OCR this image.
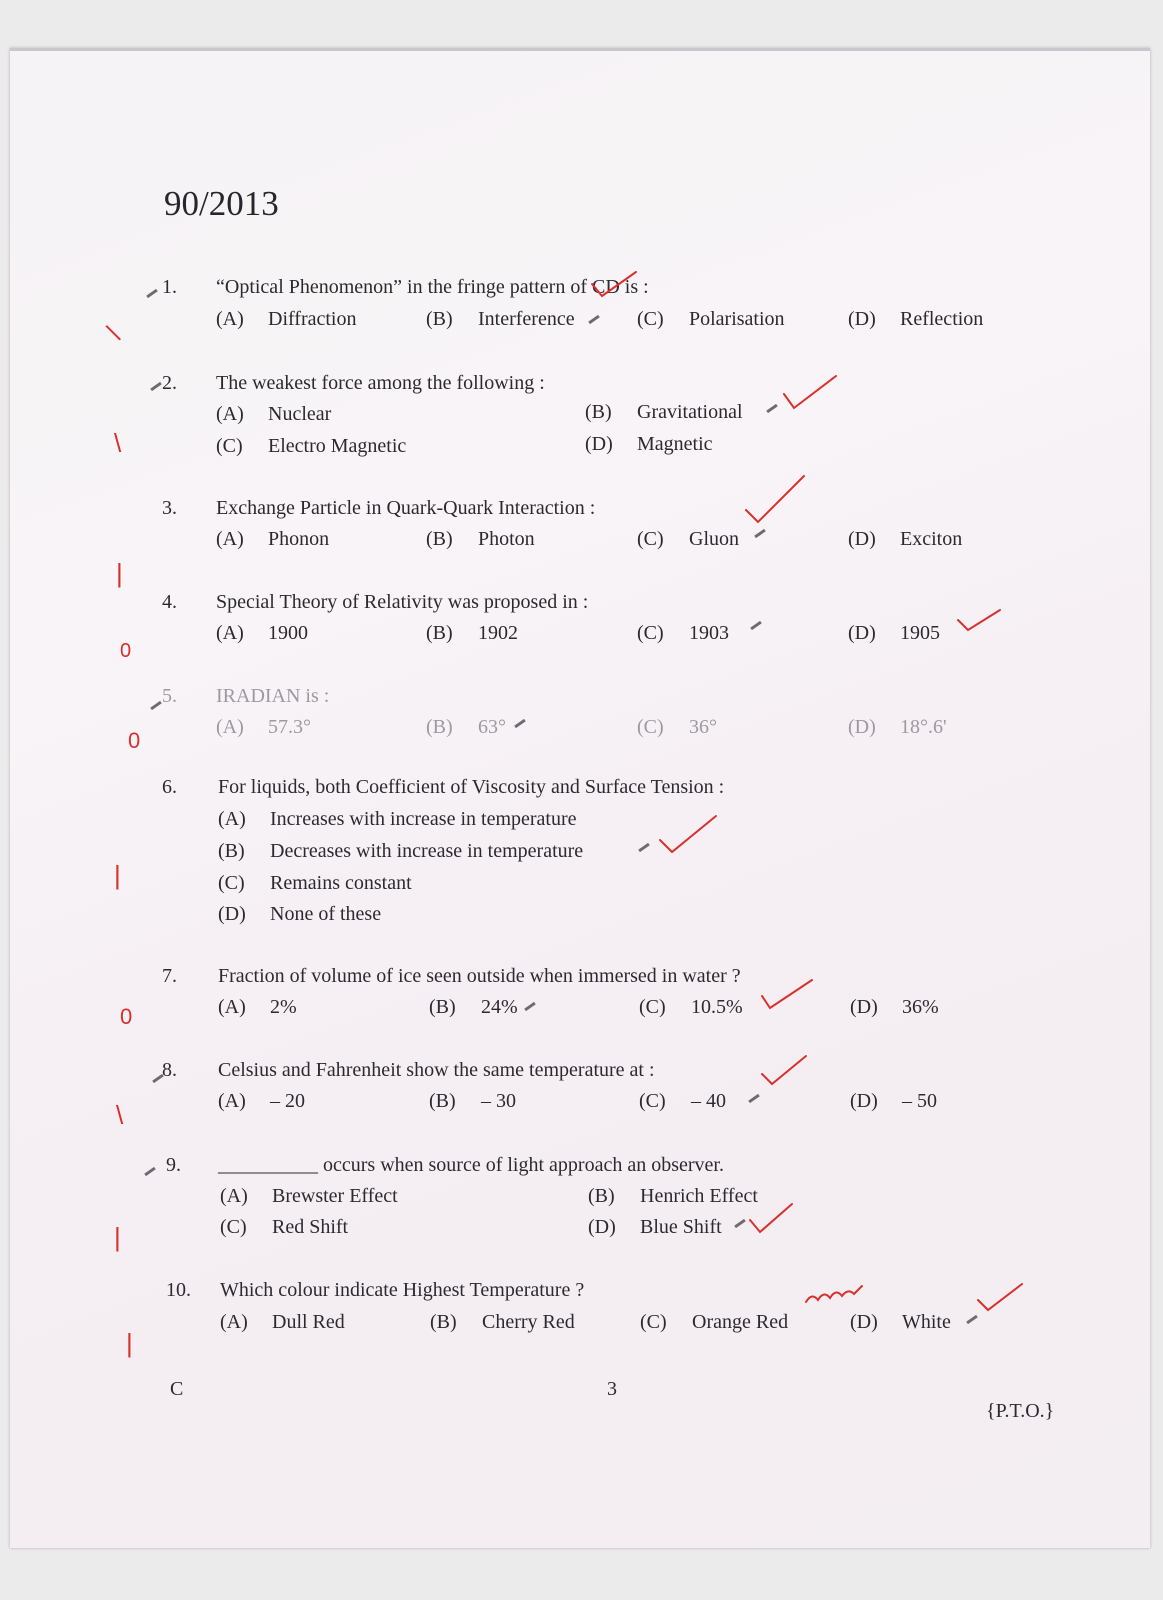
90/2013
1. “Optical Phenomenon” in the fringe pattern of CD is :
(A) Diffraction	(B) Interference	(C) Polarisation	(D) Reflection
2. The weakest force among the following :
(A) Nuclear	(B) Gravitational
(C) Electro Magnetic	(D) Magnetic
3. Exchange Particle in Quark-Quark Interaction :
(A) Phonon	(B) Photon	(C) Gluon	(D) Exciton
4. Special Theory of Relativity was proposed in :
(A) 1900	(B) 1902	(C) 1903	(D) 1905
5. IRADIAN is :
(A) 57.3°	(B) 63°	(C) 36°	(D) 18°.6'
6. For liquids, both Coefficient of Viscosity and Surface Tension :
(A) Increases with increase in temperature
(B) Decreases with increase in temperature
(C) Remains constant
(D) None of these
7. Fraction of volume of ice seen outside when immersed in water ?
(A) 2%	(B) 24%	(C) 10.5%	(D) 36%
8. Celsius and Fahrenheit show the same temperature at :
(A) – 20	(B) – 30	(C) – 40	(D) – 50
9. __________ occurs when source of light approach an observer.
(A) Brewster Effect	(B) Henrich Effect
(C) Red Shift	(D) Blue Shift
10. Which colour indicate Highest Temperature ?
(A) Dull Red	(B) Cherry Red	(C) Orange Red	(D) White
\
\
|
0
0
|
0
\
|
|
C	3
{P.T.O.}
